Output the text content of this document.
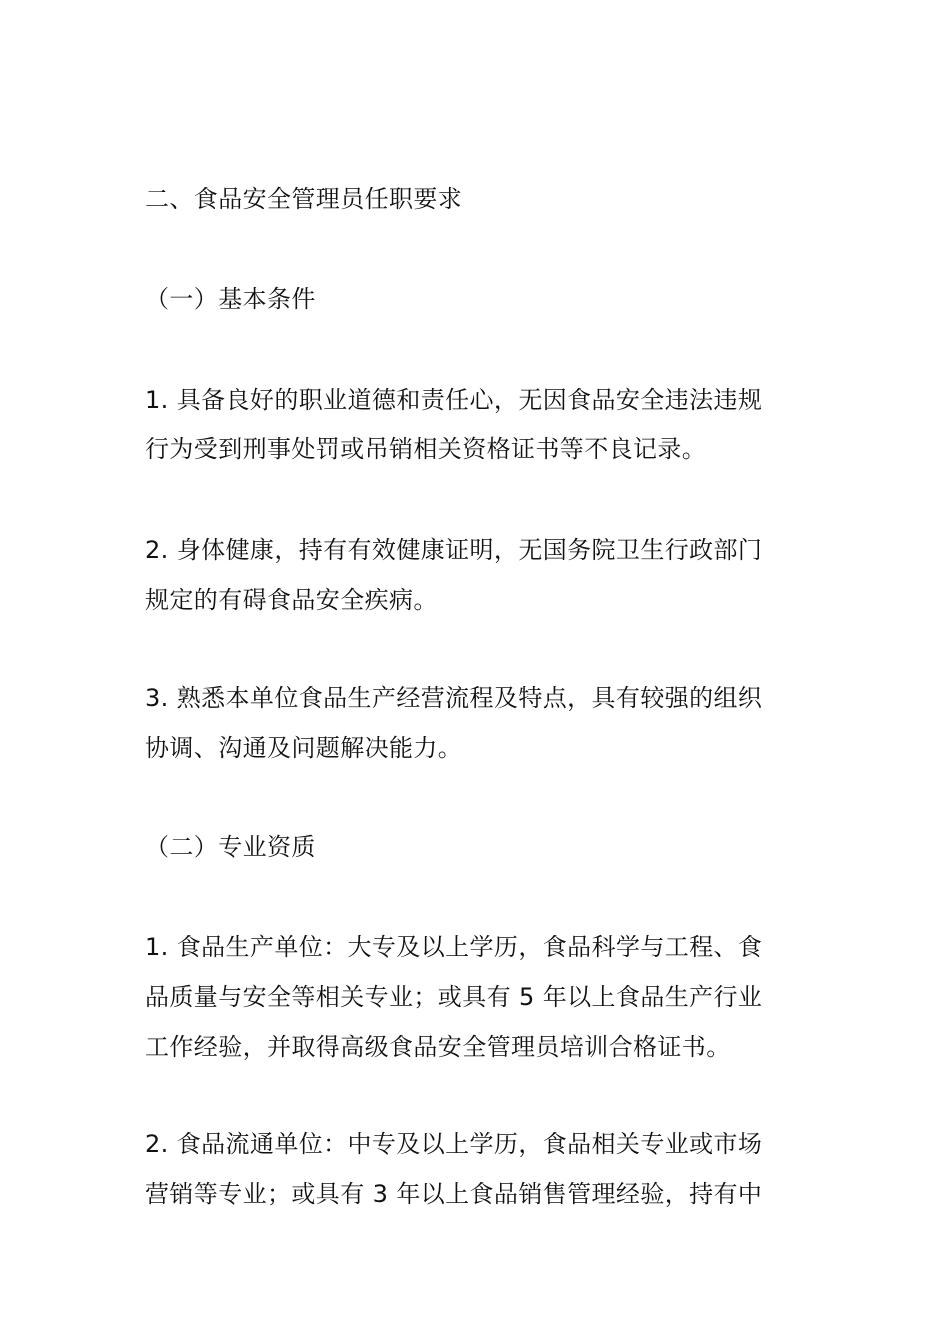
二、食品安全管理员任职要求
（一）基本条件
1. 具备良好的职业道德和责任心，无因食品安全违法违规
行为受到刑事处罚或吊销相关资格证书等不良记录。
2. 身体健康，持有有效健康证明，无国务院卫生行政部门
规定的有碍食品安全疾病。
3. 熟悉本单位食品生产经营流程及特点，具有较强的组织
协调、沟通及问题解决能力。
（二）专业资质
1. 食品生产单位：大专及以上学历，食品科学与工程、食
品质量与安全等相关专业；或具有 5 年以上食品生产行业
工作经验，并取得高级食品安全管理员培训合格证书。
2. 食品流通单位：中专及以上学历，食品相关专业或市场
营销等专业；或具有 3 年以上食品销售管理经验，持有中
